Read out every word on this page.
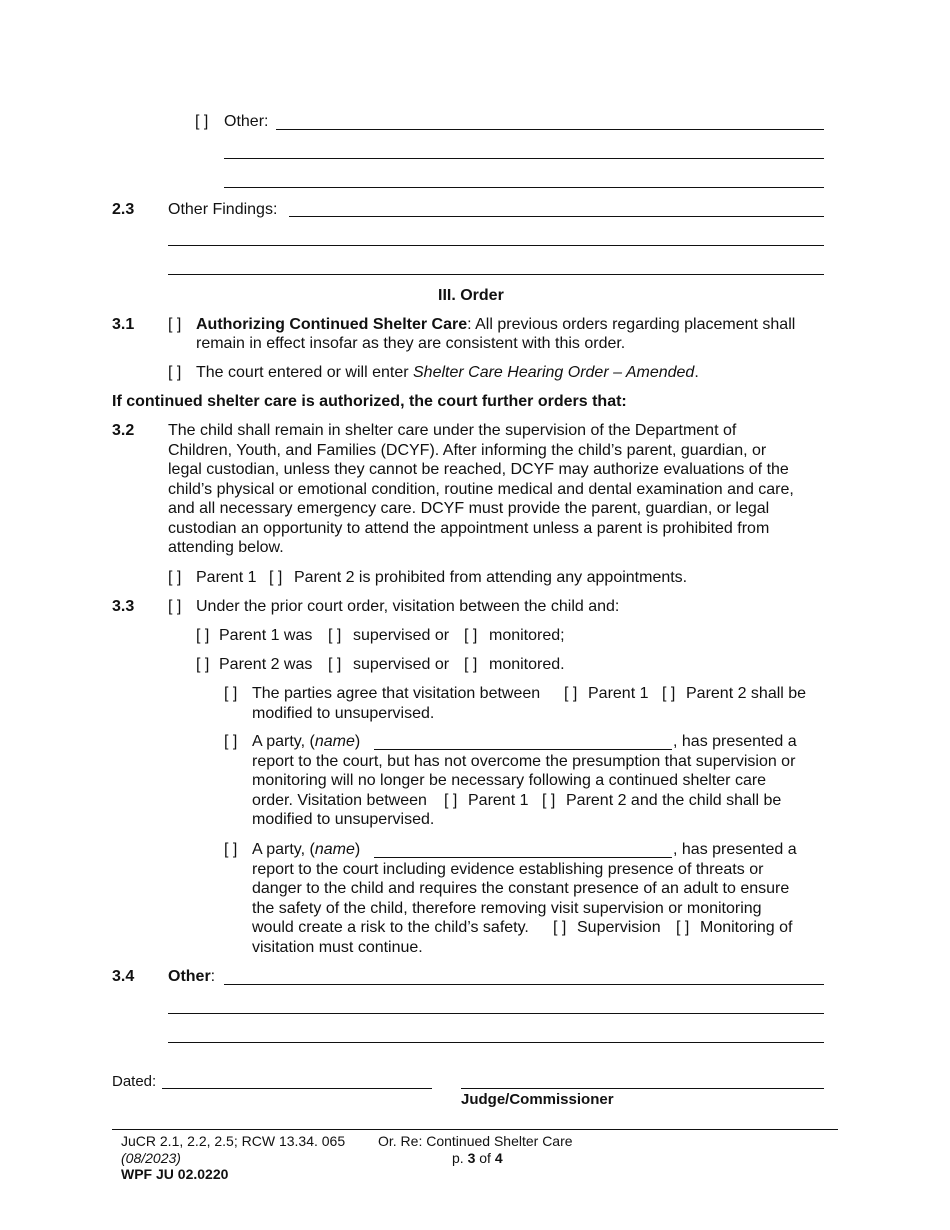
[ ] Other:
2.3 Other Findings:
III. Order
3.1 [ ] Authorizing Continued Shelter Care: All previous orders regarding placement shall
remain in effect insofar as they are consistent with this order.
[ ] The court entered or will enter Shelter Care Hearing Order – Amended.
If continued shelter care is authorized, the court further orders that:
3.2 The child shall remain in shelter care under the supervision of the Department of
Children, Youth, and Families (DCYF). After informing the child’s parent, guardian, or
legal custodian, unless they cannot be reached, DCYF may authorize evaluations of the
child’s physical or emotional condition, routine medical and dental examination and care,
and all necessary emergency care. DCYF must provide the parent, guardian, or legal
custodian an opportunity to attend the appointment unless a parent is prohibited from
attending below.
[ ] Parent 1 [ ] Parent 2 is prohibited from attending any appointments.
3.3 [ ] Under the prior court order, visitation between the child and:
[ ] Parent 1 was [ ] supervised or [ ] monitored;
[ ] Parent 2 was [ ] supervised or [ ] monitored.
[ ] The parties agree that visitation between [ ] Parent 1 [ ] Parent 2 shall be
modified to unsupervised.
[ ] A party, (name)	, has presented a
report to the court, but has not overcome the presumption that supervision or
monitoring will no longer be necessary following a continued shelter care
order. Visitation between [ ] Parent 1 [ ] Parent 2 and the child shall be
modified to unsupervised.
[ ] A party, (name)	, has presented a
report to the court including evidence establishing presence of threats or
danger to the child and requires the constant presence of an adult to ensure
the safety of the child, therefore removing visit supervision or monitoring
would create a risk to the child’s safety. [ ] Supervision [ ] Monitoring of
visitation must continue.
3.4 Other:
Dated:
Judge/Commissioner
JuCR 2.1, 2.2, 2.5; RCW 13.34. 065
(08/2023)
WPF JU 02.0220
Or. Re: Continued Shelter Care
p. 3 of 4
